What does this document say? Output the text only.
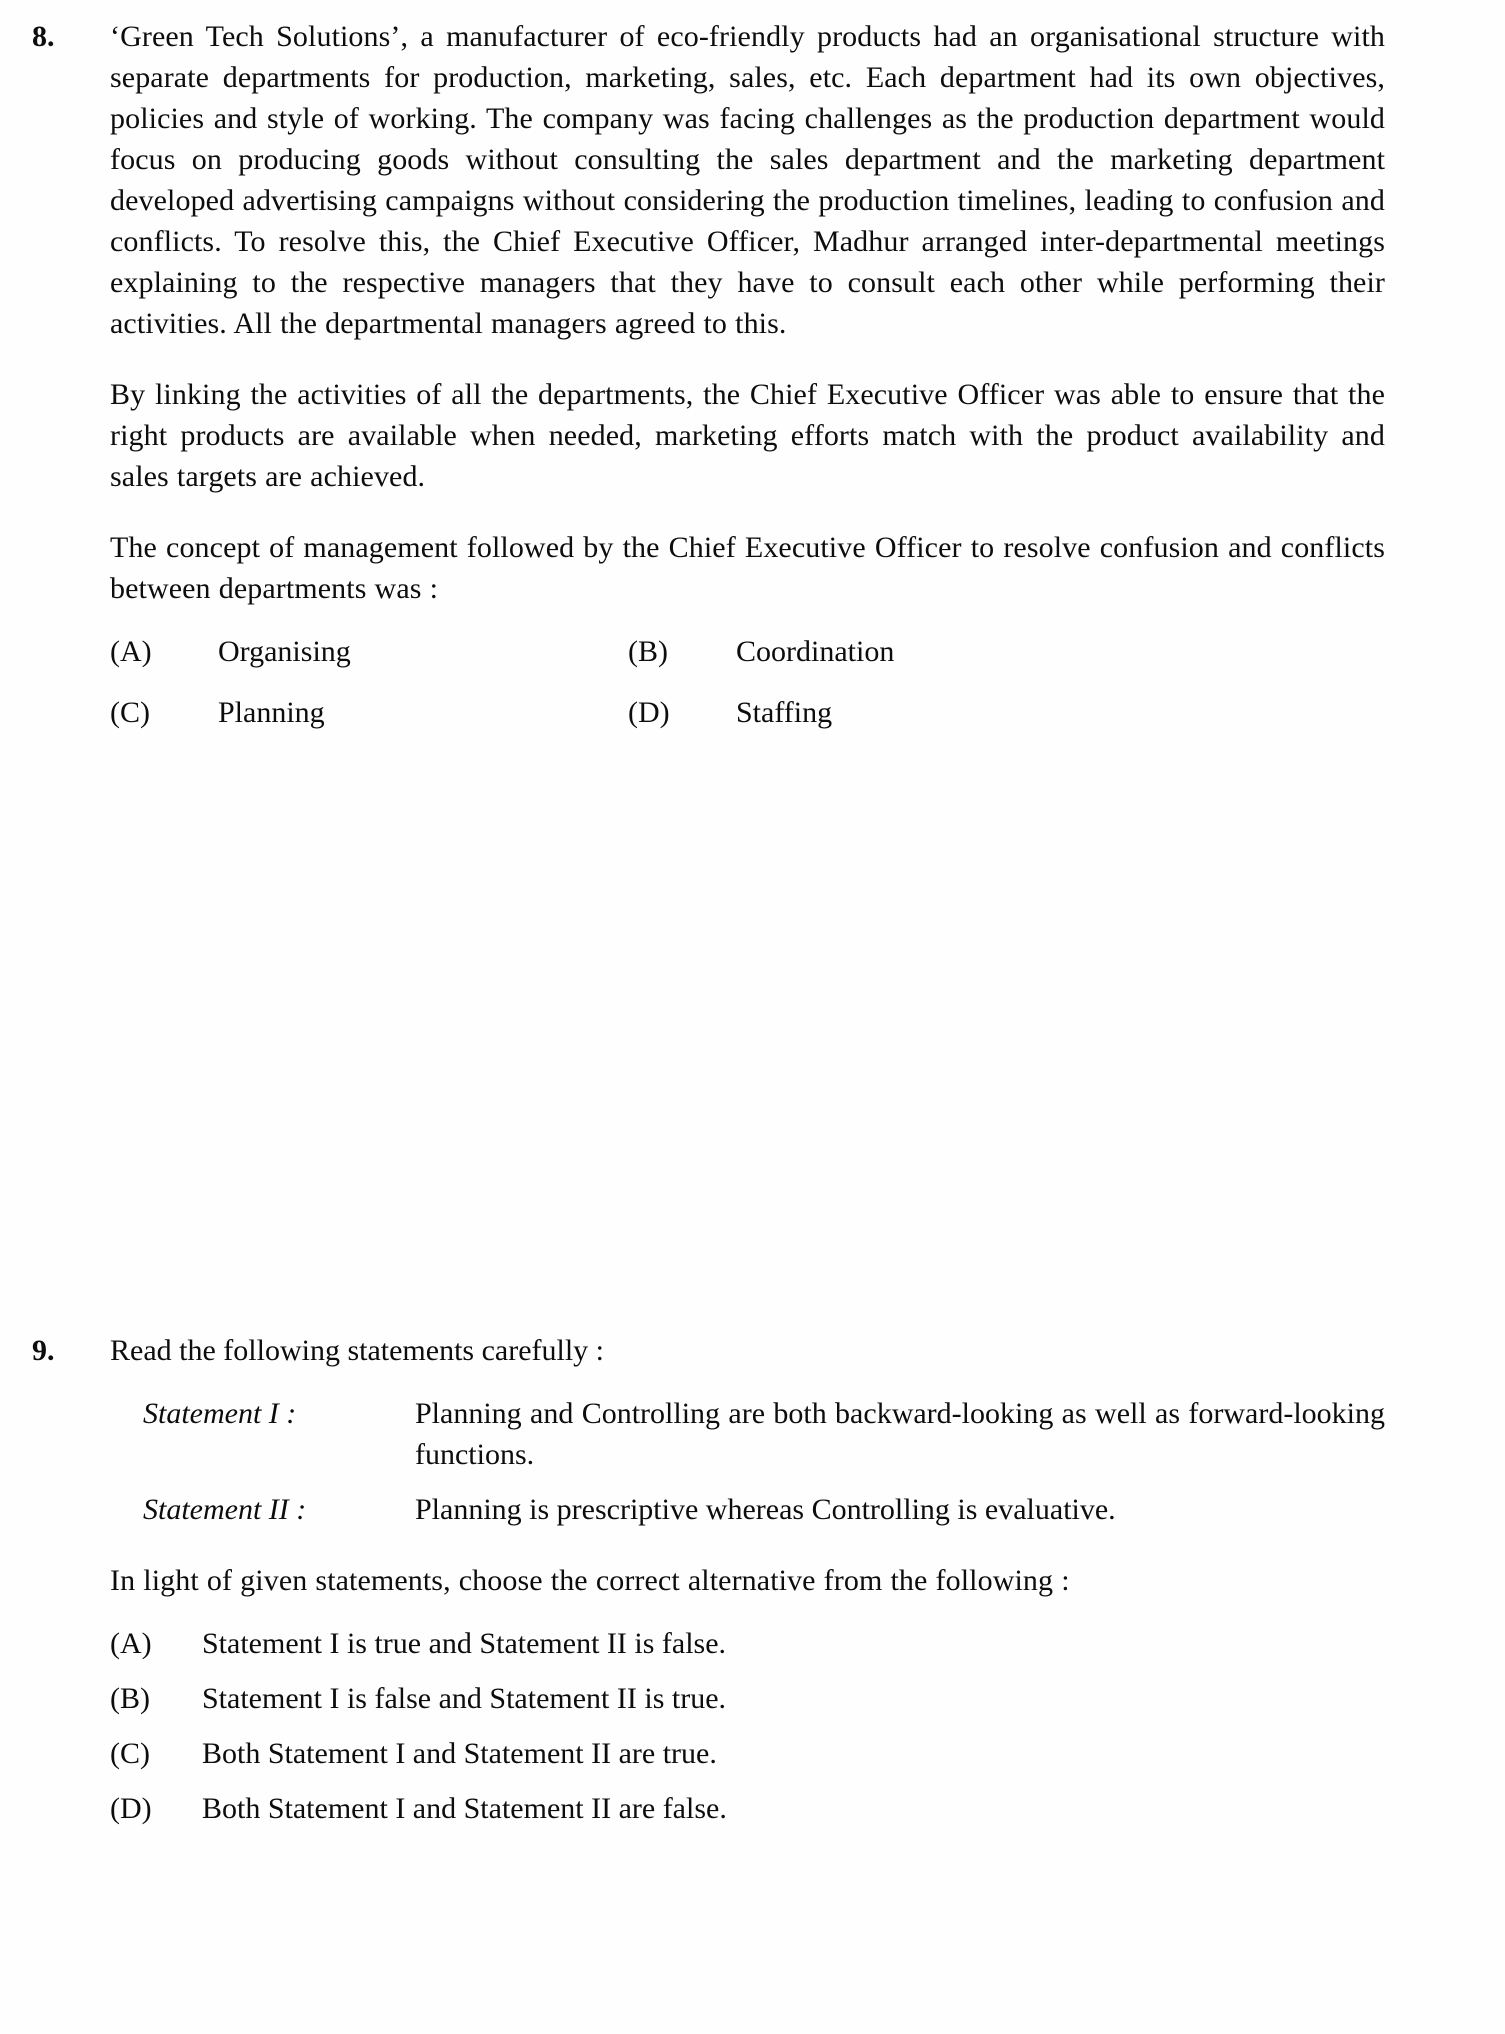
8.	‘Green Tech Solutions’, a manufacturer of eco-friendly products had an organisational structure with separate departments for production, marketing, sales, etc. Each department had its own objectives, policies and style of working. The company was facing challenges as the production department would focus on producing goods without consulting the sales department and the marketing department developed advertising campaigns without considering the production timelines, leading to confusion and conflicts. To resolve this, the Chief Executive Officer, Madhur arranged inter-departmental meetings explaining to the respective managers that they have to consult each other while performing their activities. All the departmental managers agreed to this.

By linking the activities of all the departments, the Chief Executive Officer was able to ensure that the right products are available when needed, marketing efforts match with the product availability and sales targets are achieved.

The concept of management followed by the Chief Executive Officer to resolve confusion and conflicts between departments was :

(A) Organising	(B) Coordination
(C) Planning	(D) Staffing
9.	Read the following statements carefully :

Statement I :	Planning and Controlling are both backward-looking as well as forward-looking functions.
Statement II :	Planning is prescriptive whereas Controlling is evaluative.

In light of given statements, choose the correct alternative from the following :

(A) Statement I is true and Statement II is false.
(B) Statement I is false and Statement II is true.
(C) Both Statement I and Statement II are true.
(D) Both Statement I and Statement II are false.
